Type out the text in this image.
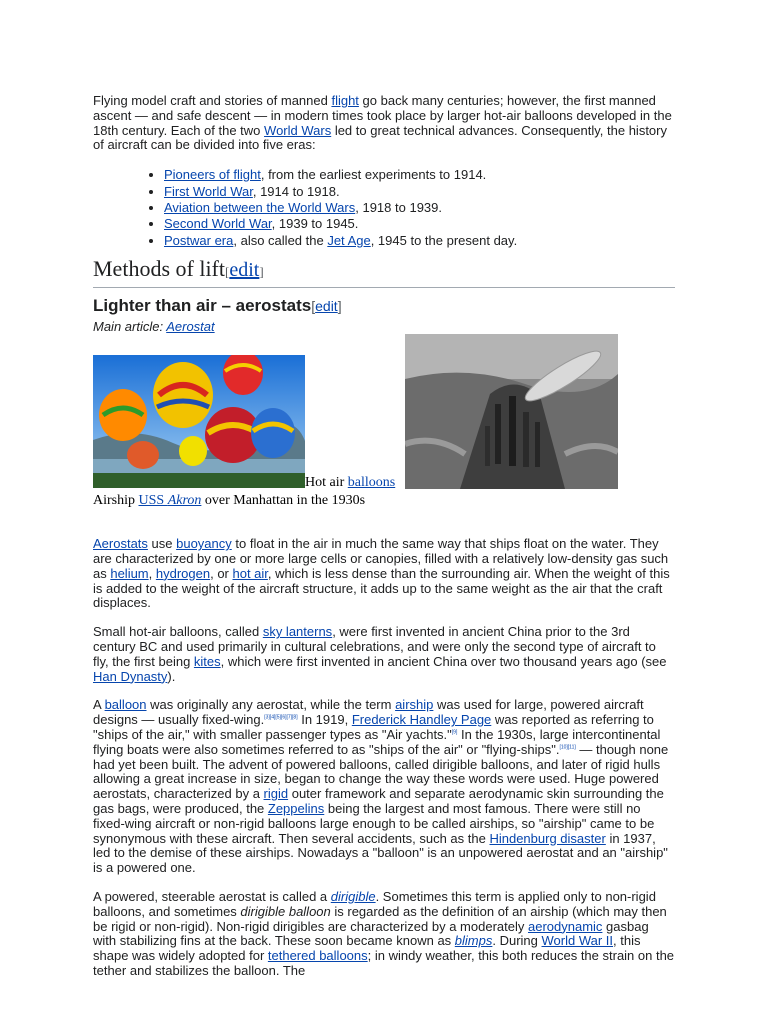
Flying model craft and stories of manned flight go back many centuries; however, the first manned ascent — and safe descent — in modern times took place by larger hot-air balloons developed in the 18th century. Each of the two World Wars led to great technical advances. Consequently, the history of aircraft can be divided into five eras:

• Pioneers of flight, from the earliest experiments to 1914.
• First World War, 1914 to 1918.
• Aviation between the World Wars, 1918 to 1939.
• Second World War, 1939 to 1945.
• Postwar era, also called the Jet Age, 1945 to the present day.
Methods of lift[edit]
Lighter than air – aerostats[edit]
Main article: Aerostat
Hot air balloons
Airship USS Akron over Manhattan in the 1930s

Aerostats use buoyancy to float in the air in much the same way that ships float on the water. They are characterized by one or more large cells or canopies, filled with a relatively low-density gas such as helium, hydrogen, or hot air, which is less dense than the surrounding air. When the weight of this is added to the weight of the aircraft structure, it adds up to the same weight as the air that the craft displaces.

Small hot-air balloons, called sky lanterns, were first invented in ancient China prior to the 3rd century BC and used primarily in cultural celebrations, and were only the second type of aircraft to fly, the first being kites, which were first invented in ancient China over two thousand years ago (see Han Dynasty).

A balloon was originally any aerostat, while the term airship was used for large, powered aircraft designs — usually fixed-wing.[3][4][5][6][7][8] In 1919, Frederick Handley Page was reported as referring to "ships of the air," with smaller passenger types as "Air yachts."[9] In the 1930s, large intercontinental flying boats were also sometimes referred to as "ships of the air" or "flying-ships".[10][11] — though none had yet been built. The advent of powered balloons, called dirigible balloons, and later of rigid hulls allowing a great increase in size, began to change the way these words were used. Huge powered aerostats, characterized by a rigid outer framework and separate aerodynamic skin surrounding the gas bags, were produced, the Zeppelins being the largest and most famous. There were still no fixed-wing aircraft or non-rigid balloons large enough to be called airships, so "airship" came to be synonymous with these aircraft. Then several accidents, such as the Hindenburg disaster in 1937, led to the demise of these airships. Nowadays a "balloon" is an unpowered aerostat and an "airship" is a powered one.

A powered, steerable aerostat is called a dirigible. Sometimes this term is applied only to non-rigid balloons, and sometimes dirigible balloon is regarded as the definition of an airship (which may then be rigid or non-rigid). Non-rigid dirigibles are characterized by a moderately aerodynamic gasbag with stabilizing fins at the back. These soon became known as blimps. During World War II, this shape was widely adopted for tethered balloons; in windy weather, this both reduces the strain on the tether and stabilizes the balloon. The
